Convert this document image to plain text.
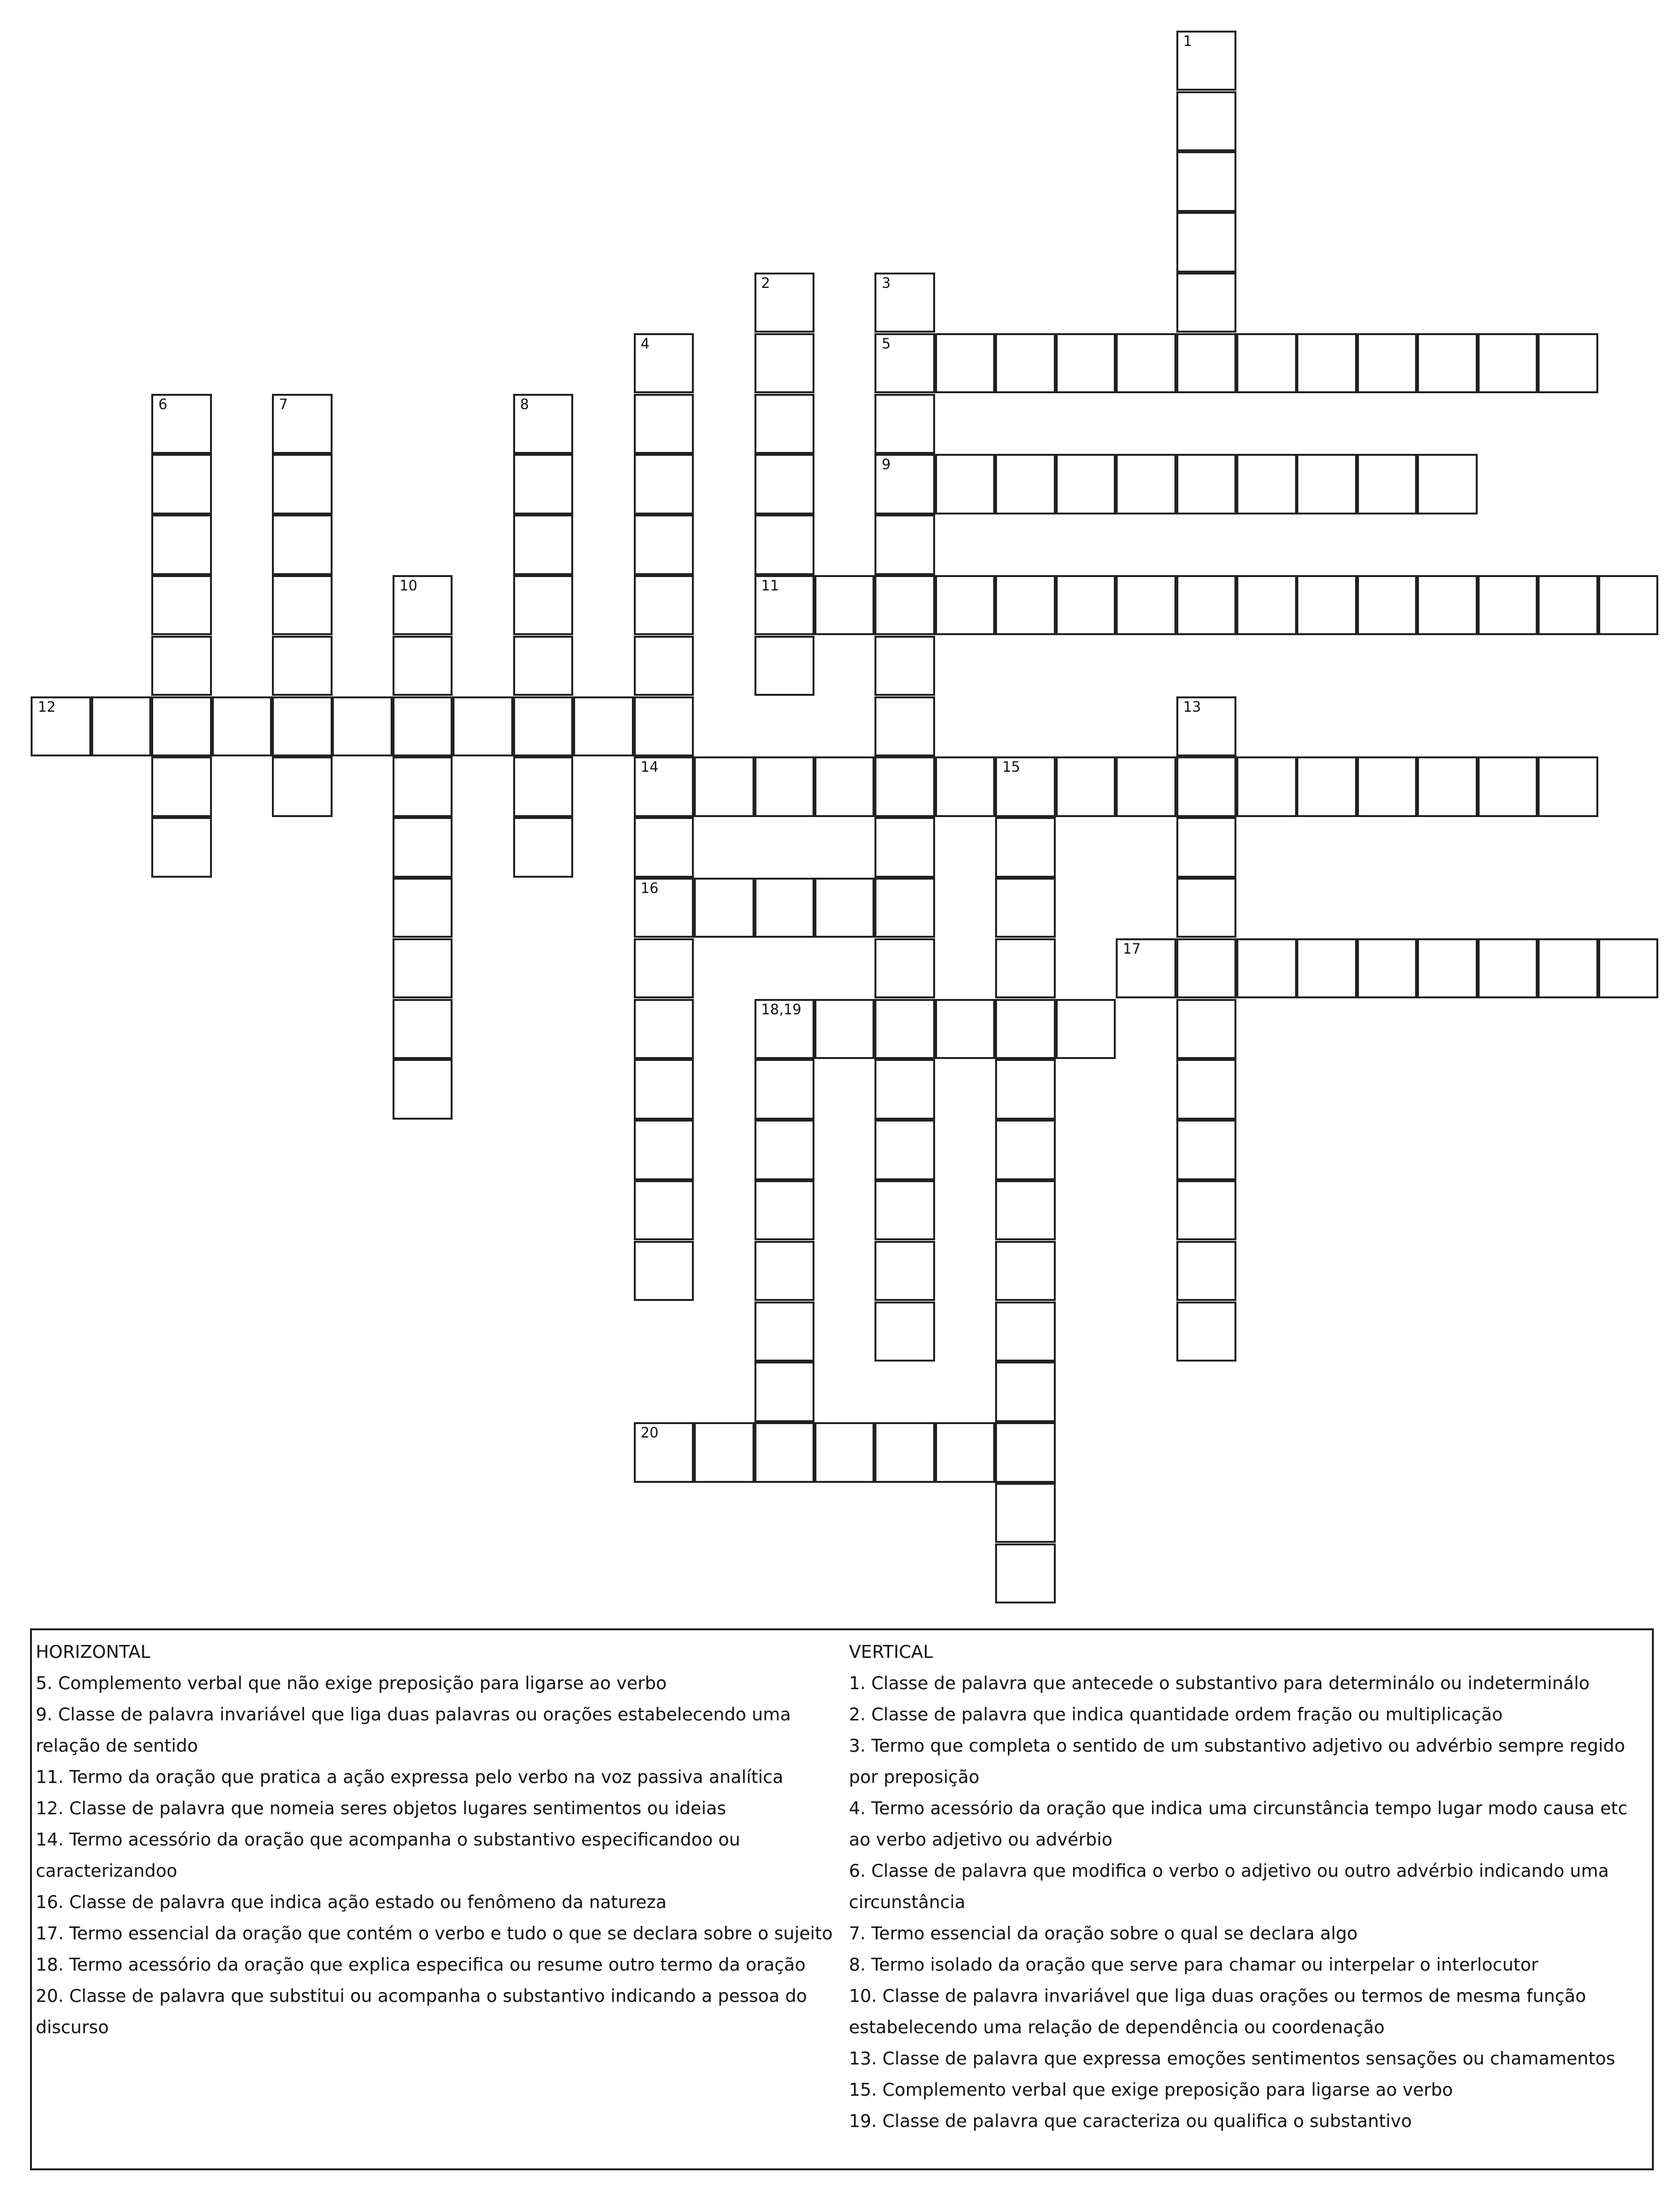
1
2
11
3
5
9
4
14
16
6	7	8
10
12	13
15
17
18,19
20

HORIZONTAL

5. Complemento verbal que não exige preposição para ligarse ao verbo

9. Classe de palavra invariável que liga duas palavras ou orações estabelecendo uma relação de sentido

11. Termo da oração que pratica a ação expressa pelo verbo na voz passiva analítica

12. Classe de palavra que nomeia seres objetos lugares sentimentos ou ideias

14. Termo acessório da oração que acompanha o substantivo especificandoo ou caracterizandoo

16. Classe de palavra que indica ação estado ou fenômeno da natureza

17. Termo essencial da oração que contém o verbo e tudo o que se declara sobre o sujeito

18. Termo acessório da oração que explica especifica ou resume outro termo da oração

20. Classe de palavra que substitui ou acompanha o substantivo indicando a pessoa do discurso

VERTICAL

1. Classe de palavra que antecede o substantivo para determinálo ou indeterminálo

2. Classe de palavra que indica quantidade ordem fração ou multiplicação

3. Termo que completa o sentido de um substantivo adjetivo ou advérbio sempre regido por preposição

4. Termo acessório da oração que indica uma circunstância tempo lugar modo causa etc ao verbo adjetivo ou advérbio

6. Classe de palavra que modifica o verbo o adjetivo ou outro advérbio indicando uma circunstância

7. Termo essencial da oração sobre o qual se declara algo

8. Termo isolado da oração que serve para chamar ou interpelar o interlocutor

10. Classe de palavra invariável que liga duas orações ou termos de mesma função estabelecendo uma relação de dependência ou coordenação

13. Classe de palavra que expressa emoções sentimentos sensações ou chamamentos

15. Complemento verbal que exige preposição para ligarse ao verbo

19. Classe de palavra que caracteriza ou qualifica o substantivo
